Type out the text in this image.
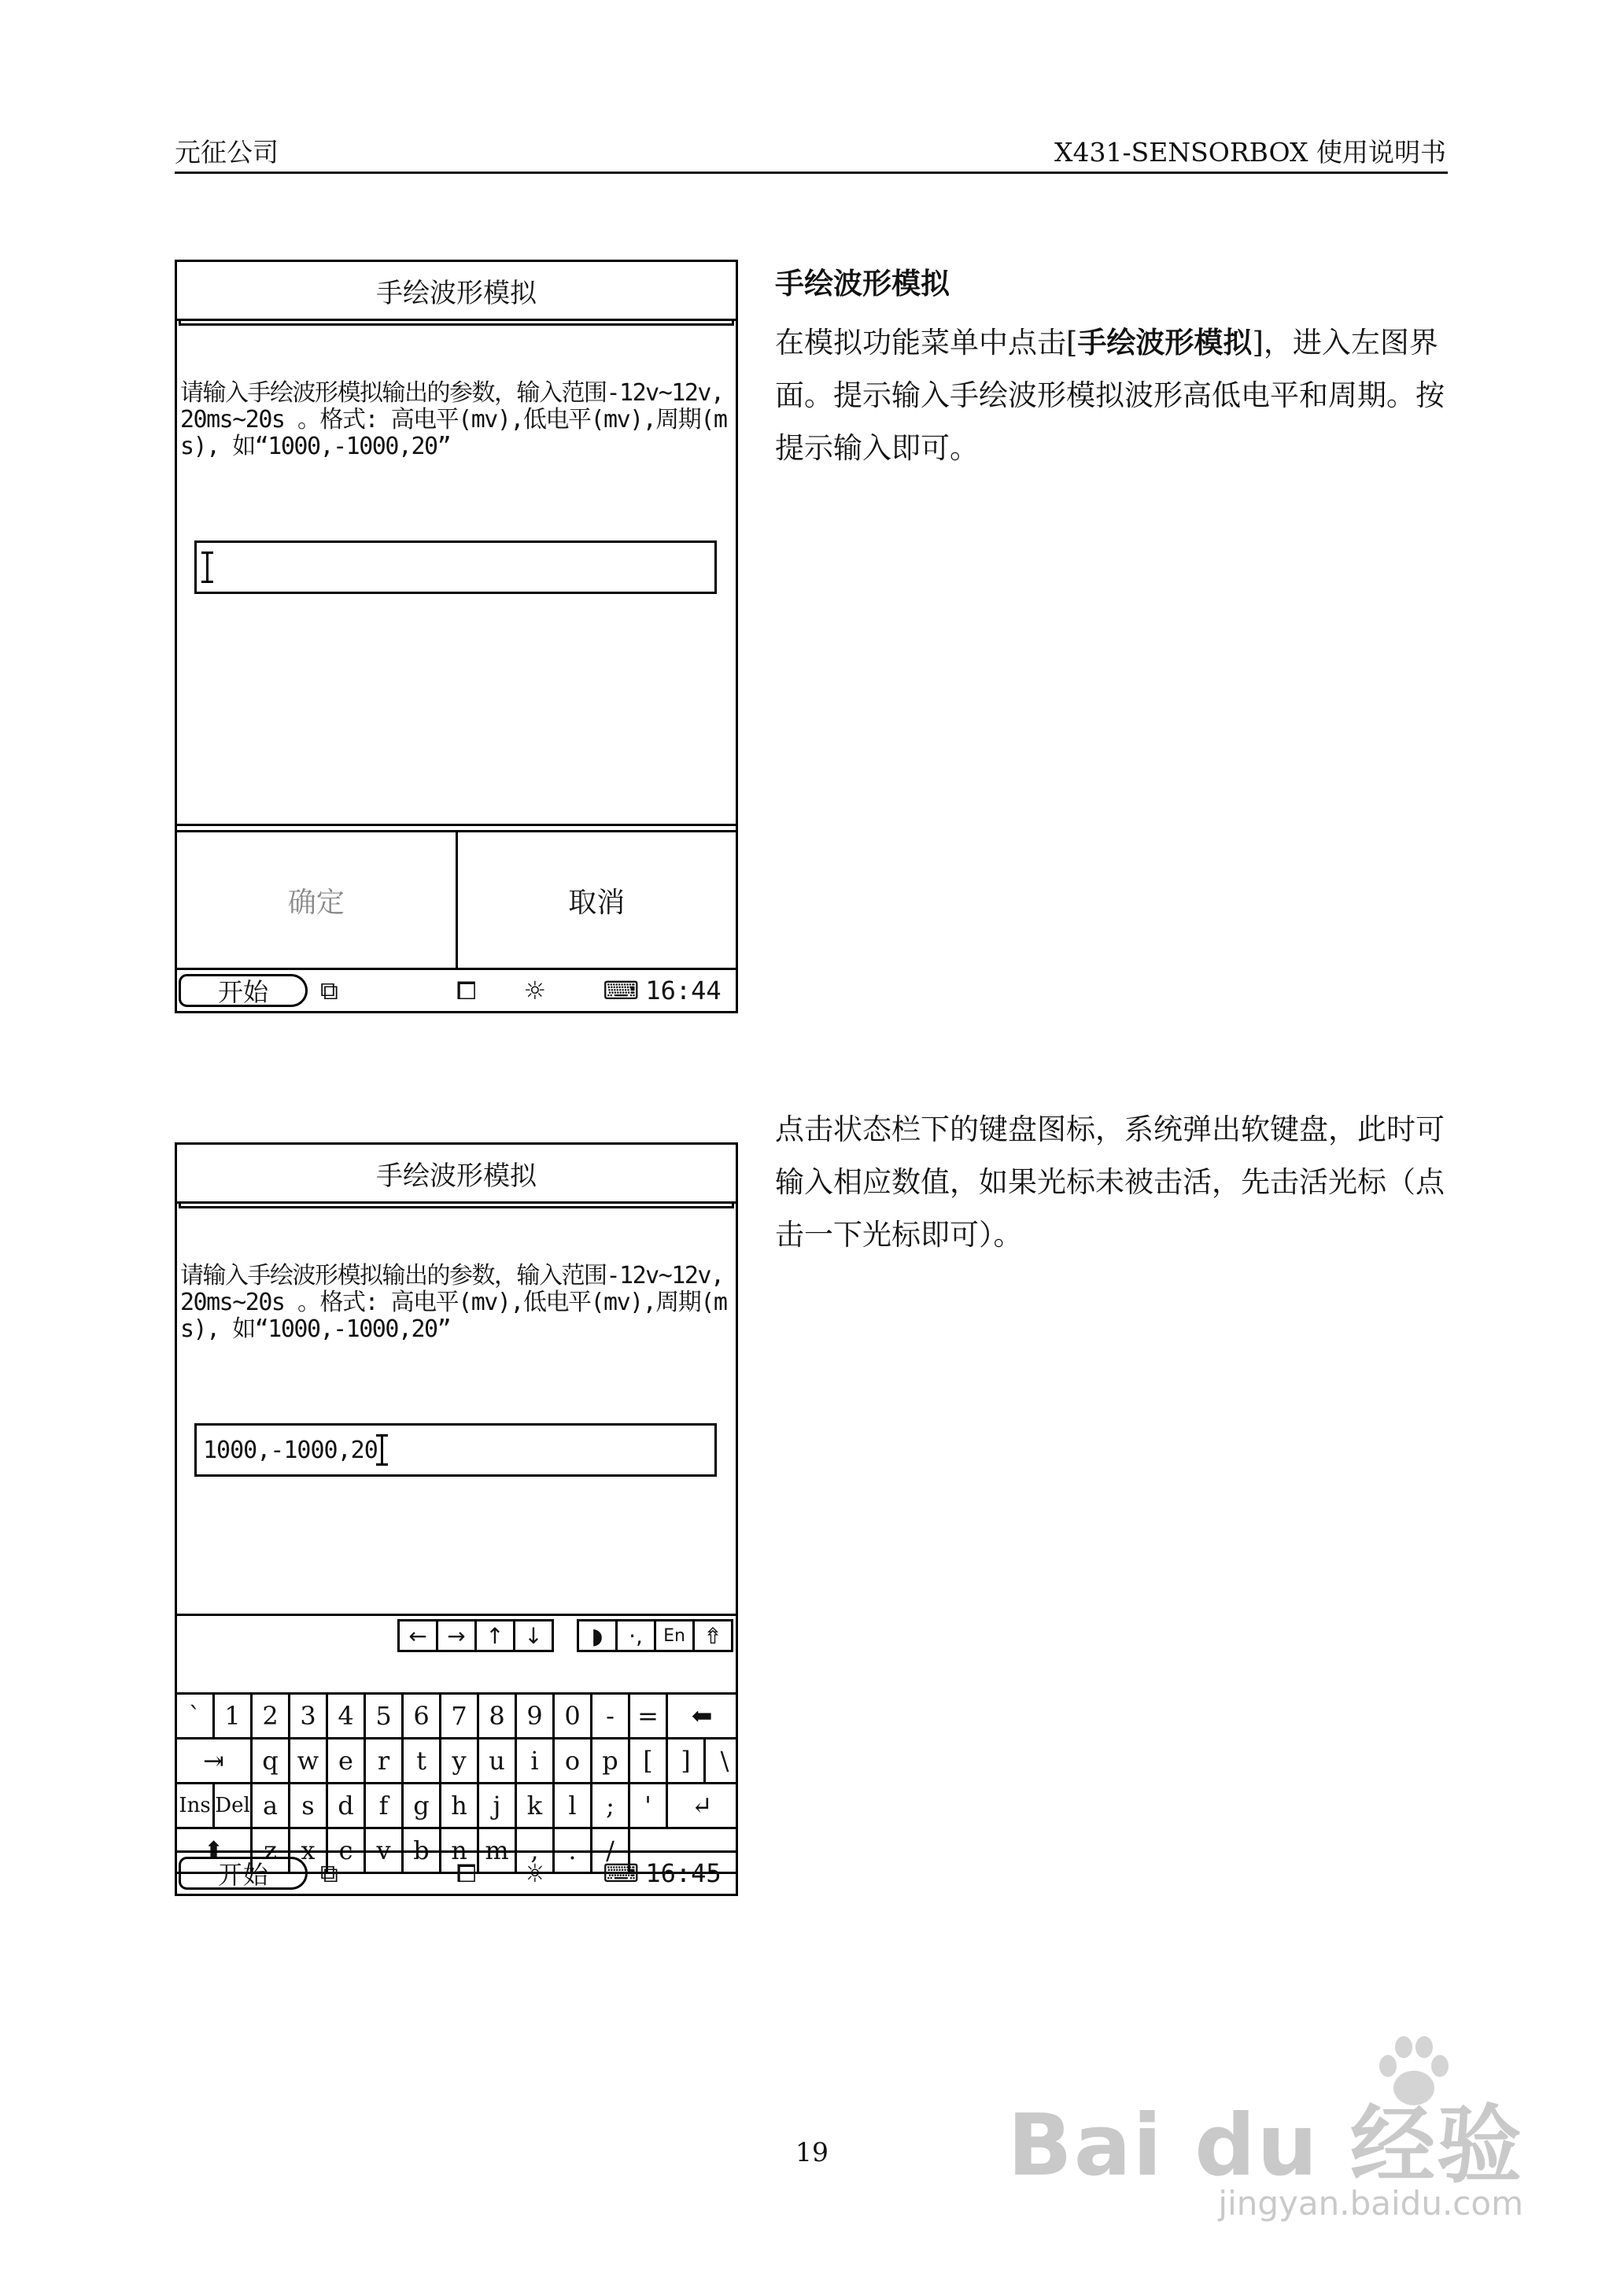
元征公司	X431-SENSORBOX 使用说明书
手绘波形模拟
在模拟功能菜单中点击[手绘波形模拟]，进入左图界面。提示输入手绘波形模拟波形高低电平和周期。按提示输入即可。
点击状态栏下的键盘图标，系统弹出软键盘，此时可输入相应数值，如果光标未被击活，先击活光标（点击一下光标即可）。
手绘波形模拟
请输入手绘波形模拟输出的参数，输入范围-12v~12v,20ms~20s 。格式: 高电平(mv),低电平(mv),周期(ms), 如“1000,-1000,20”
确定	取消
开始	⧉	⧠ ☼ ⌨ 16:44
手绘波形模拟
请输入手绘波形模拟输出的参数，输入范围-12v~12v,20ms~20s 。格式: 高电平(mv),低电平(mv),周期(ms), 如“1000,-1000,20”
1000,-1000,20
← → ↑ ↓	◗	·,	En ⇮
` 1 2 3 4 5 6 7 8 9 0	- =	⬅
⇥	q w e r	t	y u	i	o p [	]	\
Ins Del a s d f g h	j	k	l	;	'	↵
⬆	z x c v b n m ,	.	/
开始	⧉	⧠ ☼ ⌨ 16:45
19	Bai du 经验
jingyan.baidu.com
